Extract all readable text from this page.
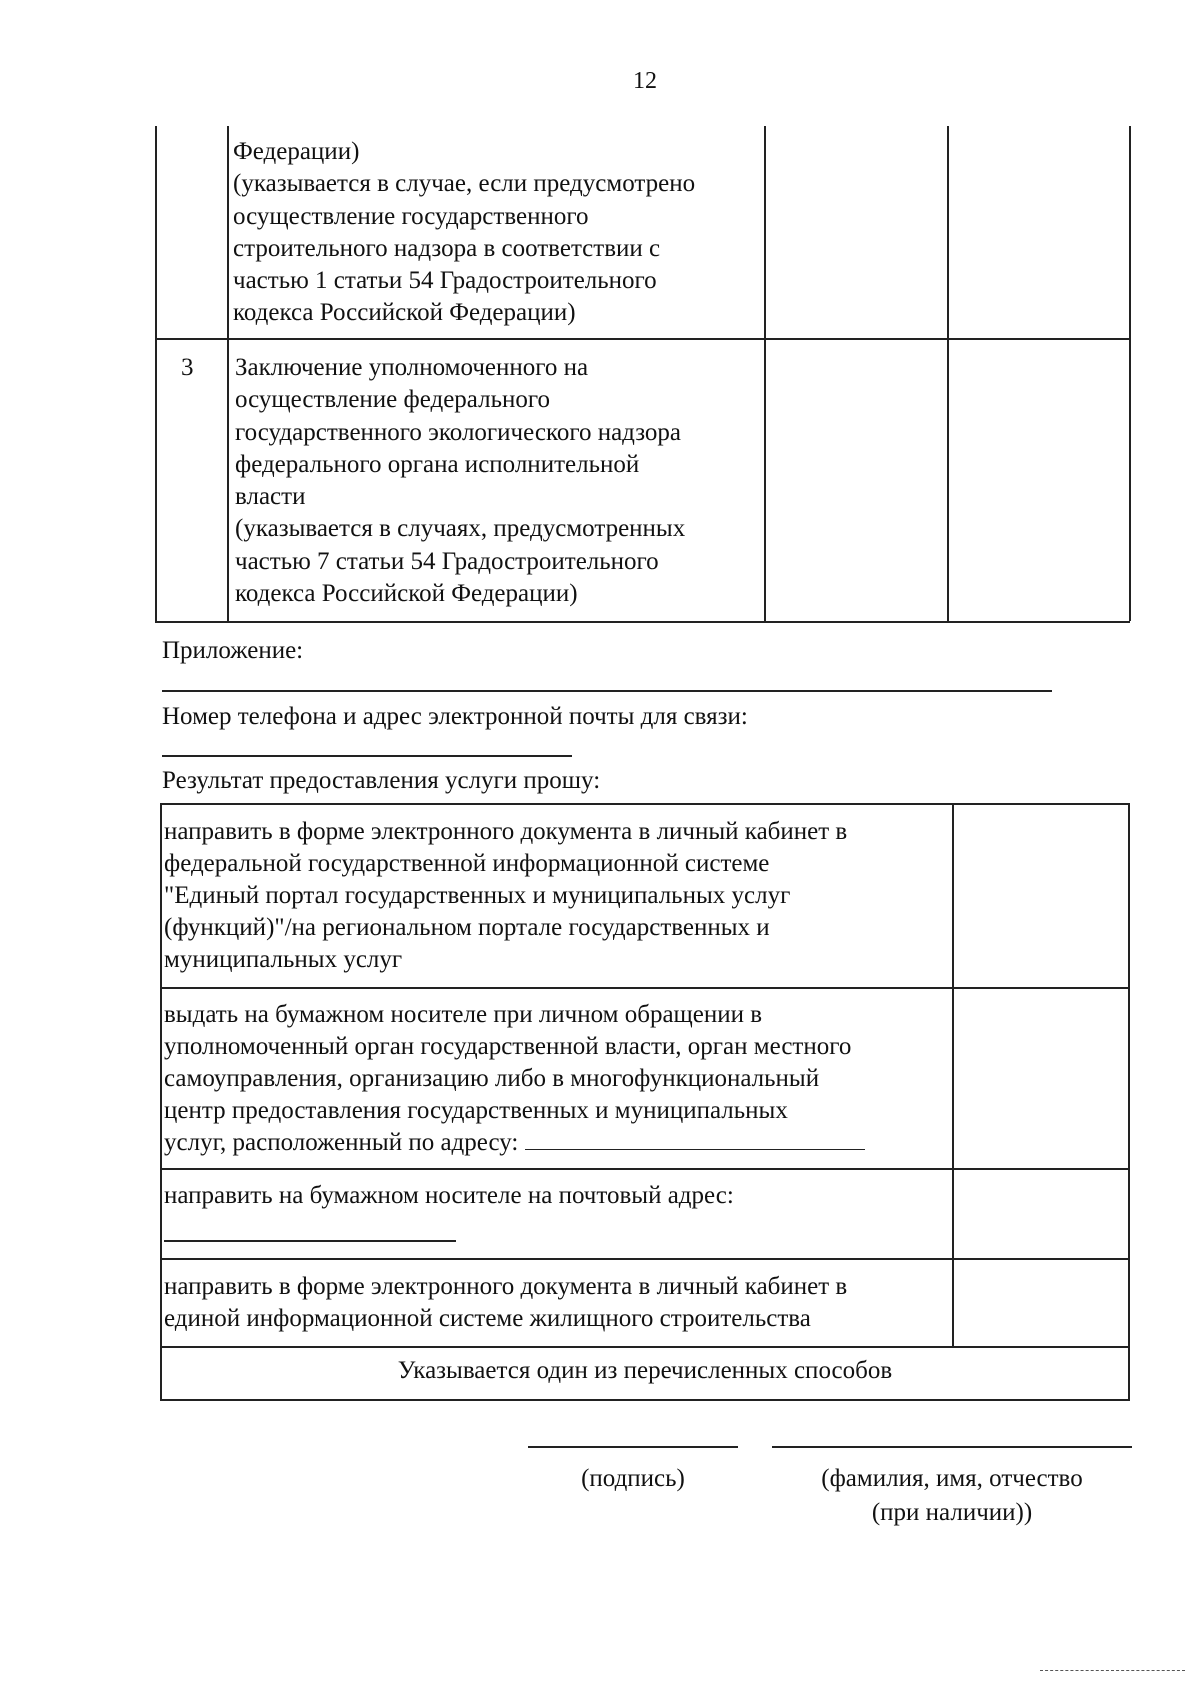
12
Федерации)
(указывается в случае, если предусмотрено
осуществление государственного
строительного надзора в соответствии с
частью 1 статьи 54 Градостроительного
кодекса Российской Федерации)
3 Заключение уполномоченного на
осуществление федерального
государственного экологического надзора
федерального органа исполнительной
власти
(указывается в случаях, предусмотренных
частью 7 статьи 54 Градостроительного
кодекса Российской Федерации)
Приложение:
Номер телефона и адрес электронной почты для связи:
Результат предоставления услуги прошу:
направить в форме электронного документа в личный кабинет в
федеральной государственной информационной системе
"Единый портал государственных и муниципальных услуг
(функций)"/на региональном портале государственных и
муниципальных услуг
выдать на бумажном носителе при личном обращении в
уполномоченный орган государственной власти, орган местного
самоуправления, организацию либо в многофункциональный
центр предоставления государственных и муниципальных
услуг, расположенный по адресу:
направить на бумажном носителе на почтовый адрес:
направить в форме электронного документа в личный кабинет в
единой информационной системе жилищного строительства
Указывается один из перечисленных способов
(подпись)	(фамилия, имя, отчество
(при наличии))
